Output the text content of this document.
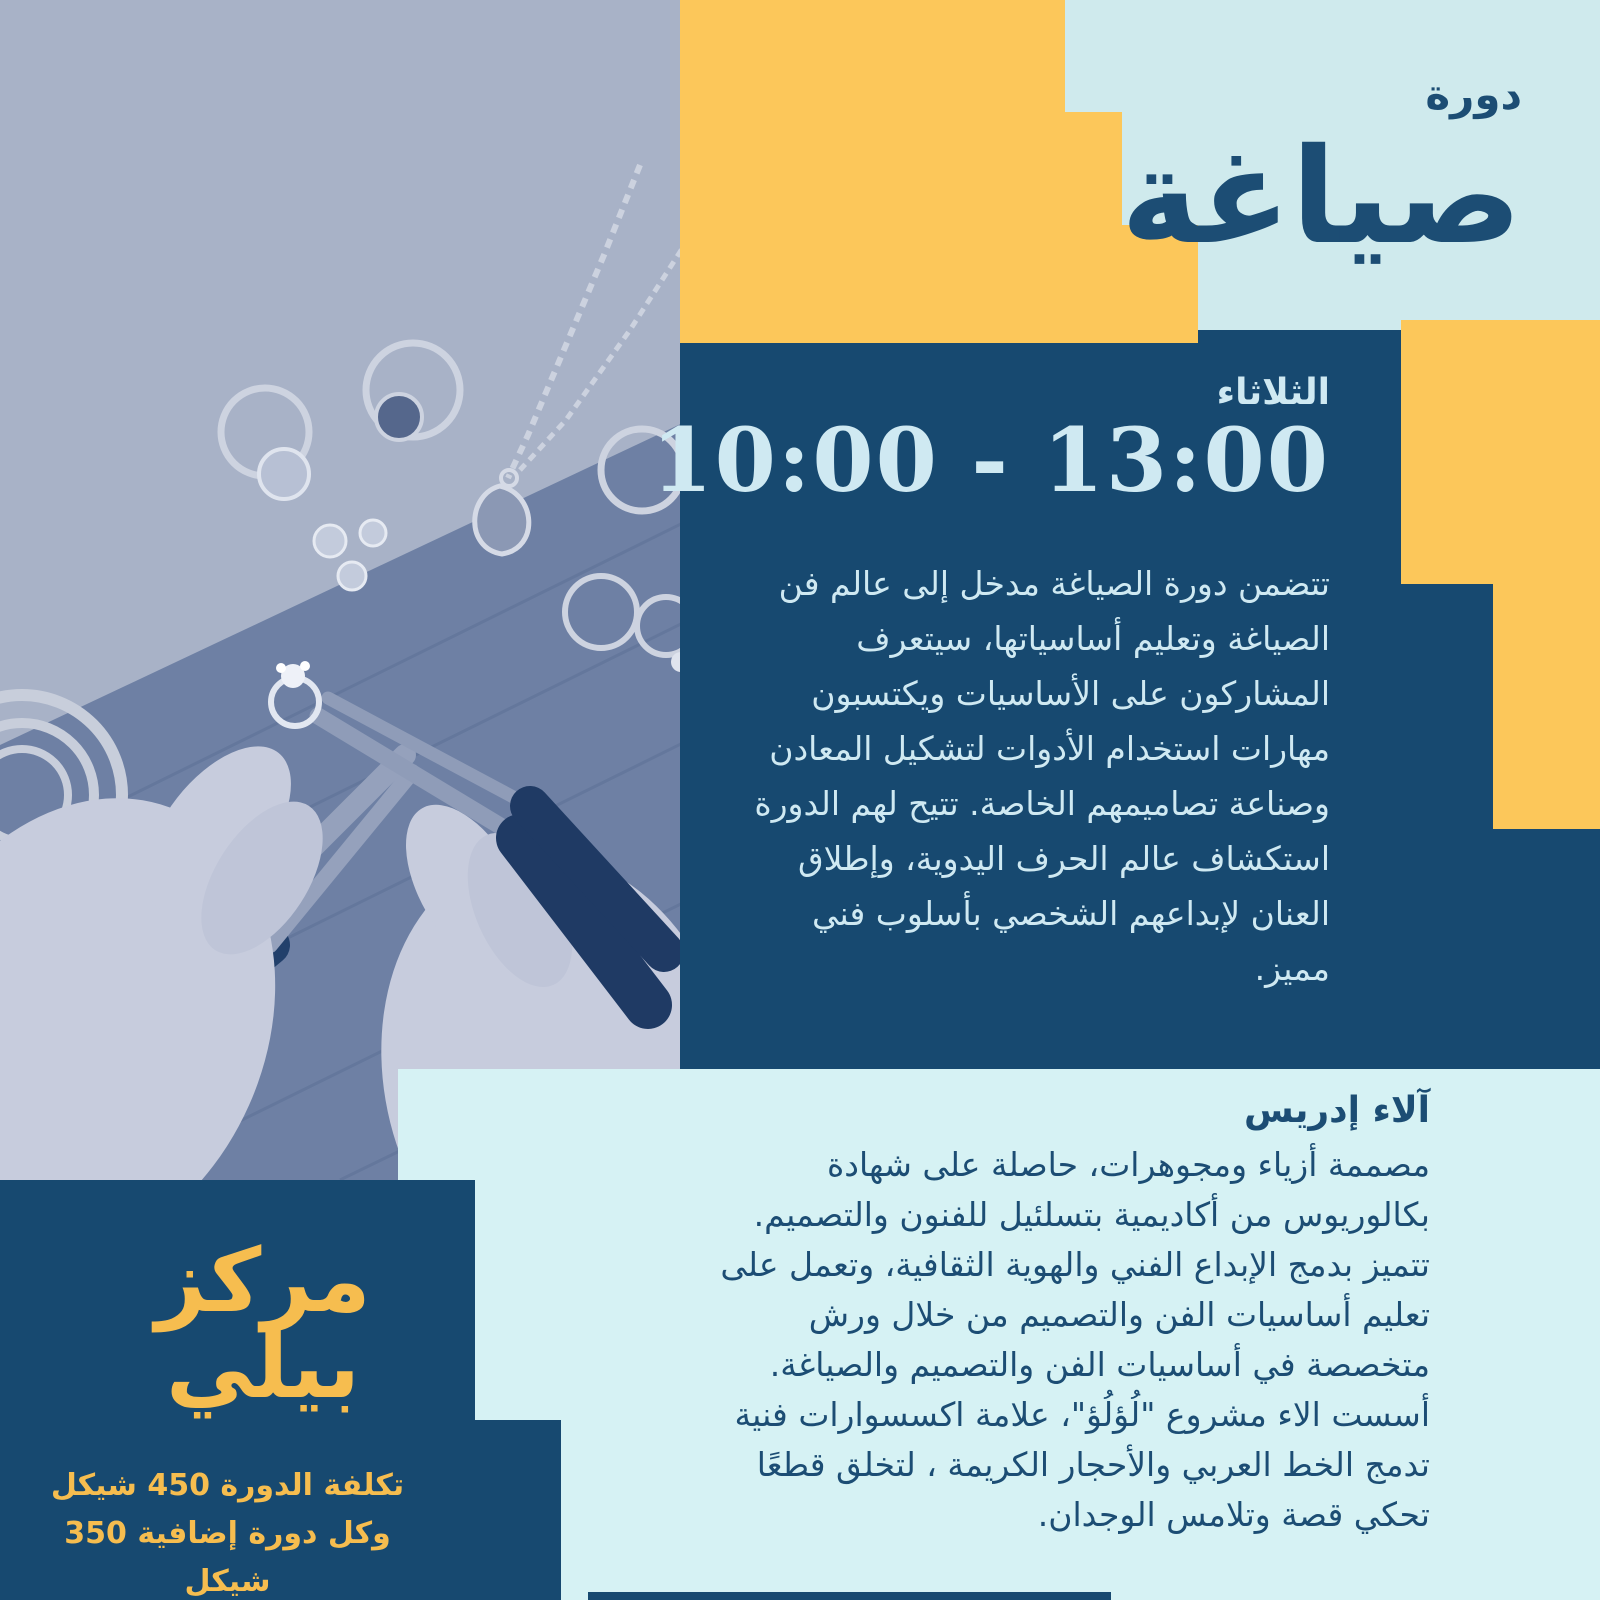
دورة
صياغة
الثلاثاء
10:00 - 13:00
تتضمن دورة الصياغة مدخل إلى عالم فن الصياغة وتعليم أساسياتها، سيتعرف المشاركون على الأساسيات ويكتسبون مهارات استخدام الأدوات لتشكيل المعادن وصناعة تصاميمهم الخاصة. تتيح لهم الدورة استكشاف عالم الحرف اليدوية، وإطلاق العنان لإبداعهم الشخصي بأسلوب فني مميز.
آلاء إدريس
مصممة أزياء ومجوهرات، حاصلة على شهادة بكالوريوس من أكاديمية بتسلئيل للفنون والتصميم. تتميز بدمج الإبداع الفني والهوية الثقافية، وتعمل على تعليم أساسيات الفن والتصميم من خلال ورش متخصصة في أساسيات الفن والتصميم والصياغة. أسست الاء مشروع "لُؤلُؤ"، علامة اكسسوارات فنية تدمج الخط العربي والأحجار الكريمة ، لتخلق قطعًا تحكي قصة وتلامس الوجدان.
مركز
بيلي
تكلفة الدورة 450 شيكل
وكل دورة إضافية 350 شيكل
